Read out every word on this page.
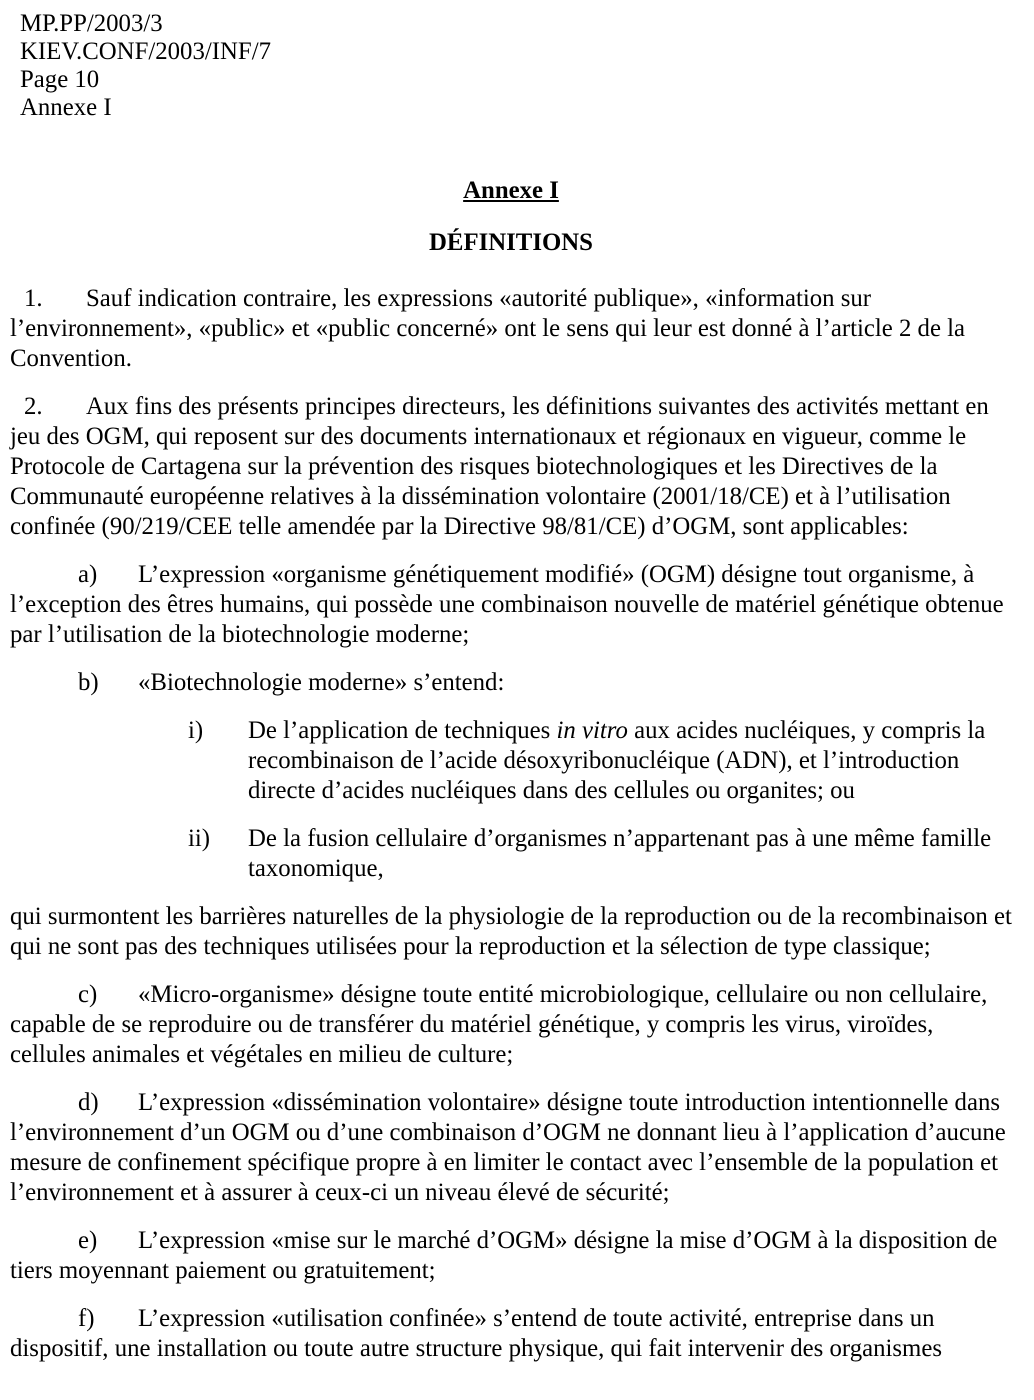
MP.PP/2003/3
KIEV.CONF/2003/INF/7
Page 10
Annexe I
Annexe I
DÉFINITIONS

1. Sauf indication contraire, les expressions «autorité publique», «information sur l’environnement», «public» et «public concerné» ont le sens qui leur est donné à l’article 2 de la Convention.

2. Aux fins des présents principes directeurs, les définitions suivantes des activités mettant en jeu des OGM, qui reposent sur des documents internationaux et régionaux en vigueur, comme le Protocole de Cartagena sur la prévention des risques biotechnologiques et les Directives de la Communauté européenne relatives à la dissémination volontaire (2001/18/CE) et à l’utilisation confinée (90/219/CEE telle amendée par la Directive 98/81/CE) d’OGM, sont applicables:

a) L’expression «organisme génétiquement modifié» (OGM) désigne tout organisme, à l’exception des êtres humains, qui possède une combinaison nouvelle de matériel génétique obtenue par l’utilisation de la biotechnologie moderne;

b) «Biotechnologie moderne» s’entend:

i) De l’application de techniques in vitro aux acides nucléiques, y compris la recombinaison de l’acide désoxyribonucléique (ADN), et l’introduction directe d’acides nucléiques dans des cellules ou organites; ou

ii) De la fusion cellulaire d’organismes n’appartenant pas à une même famille taxonomique,

qui surmontent les barrières naturelles de la physiologie de la reproduction ou de la recombinaison et qui ne sont pas des techniques utilisées pour la reproduction et la sélection de type classique;

c) «Micro-organisme» désigne toute entité microbiologique, cellulaire ou non cellulaire, capable de se reproduire ou de transférer du matériel génétique, y compris les virus, viroïdes, cellules animales et végétales en milieu de culture;

d) L’expression «dissémination volontaire» désigne toute introduction intentionnelle dans l’environnement d’un OGM ou d’une combinaison d’OGM ne donnant lieu à l’application d’aucune mesure de confinement spécifique propre à en limiter le contact avec l’ensemble de la population et l’environnement et à assurer à ceux-ci un niveau élevé de sécurité;

e) L’expression «mise sur le marché d’OGM» désigne la mise d’OGM à la disposition de tiers moyennant paiement ou gratuitement;

f) L’expression «utilisation confinée» s’entend de toute activité, entreprise dans un dispositif, une installation ou toute autre structure physique, qui fait intervenir des organismes
